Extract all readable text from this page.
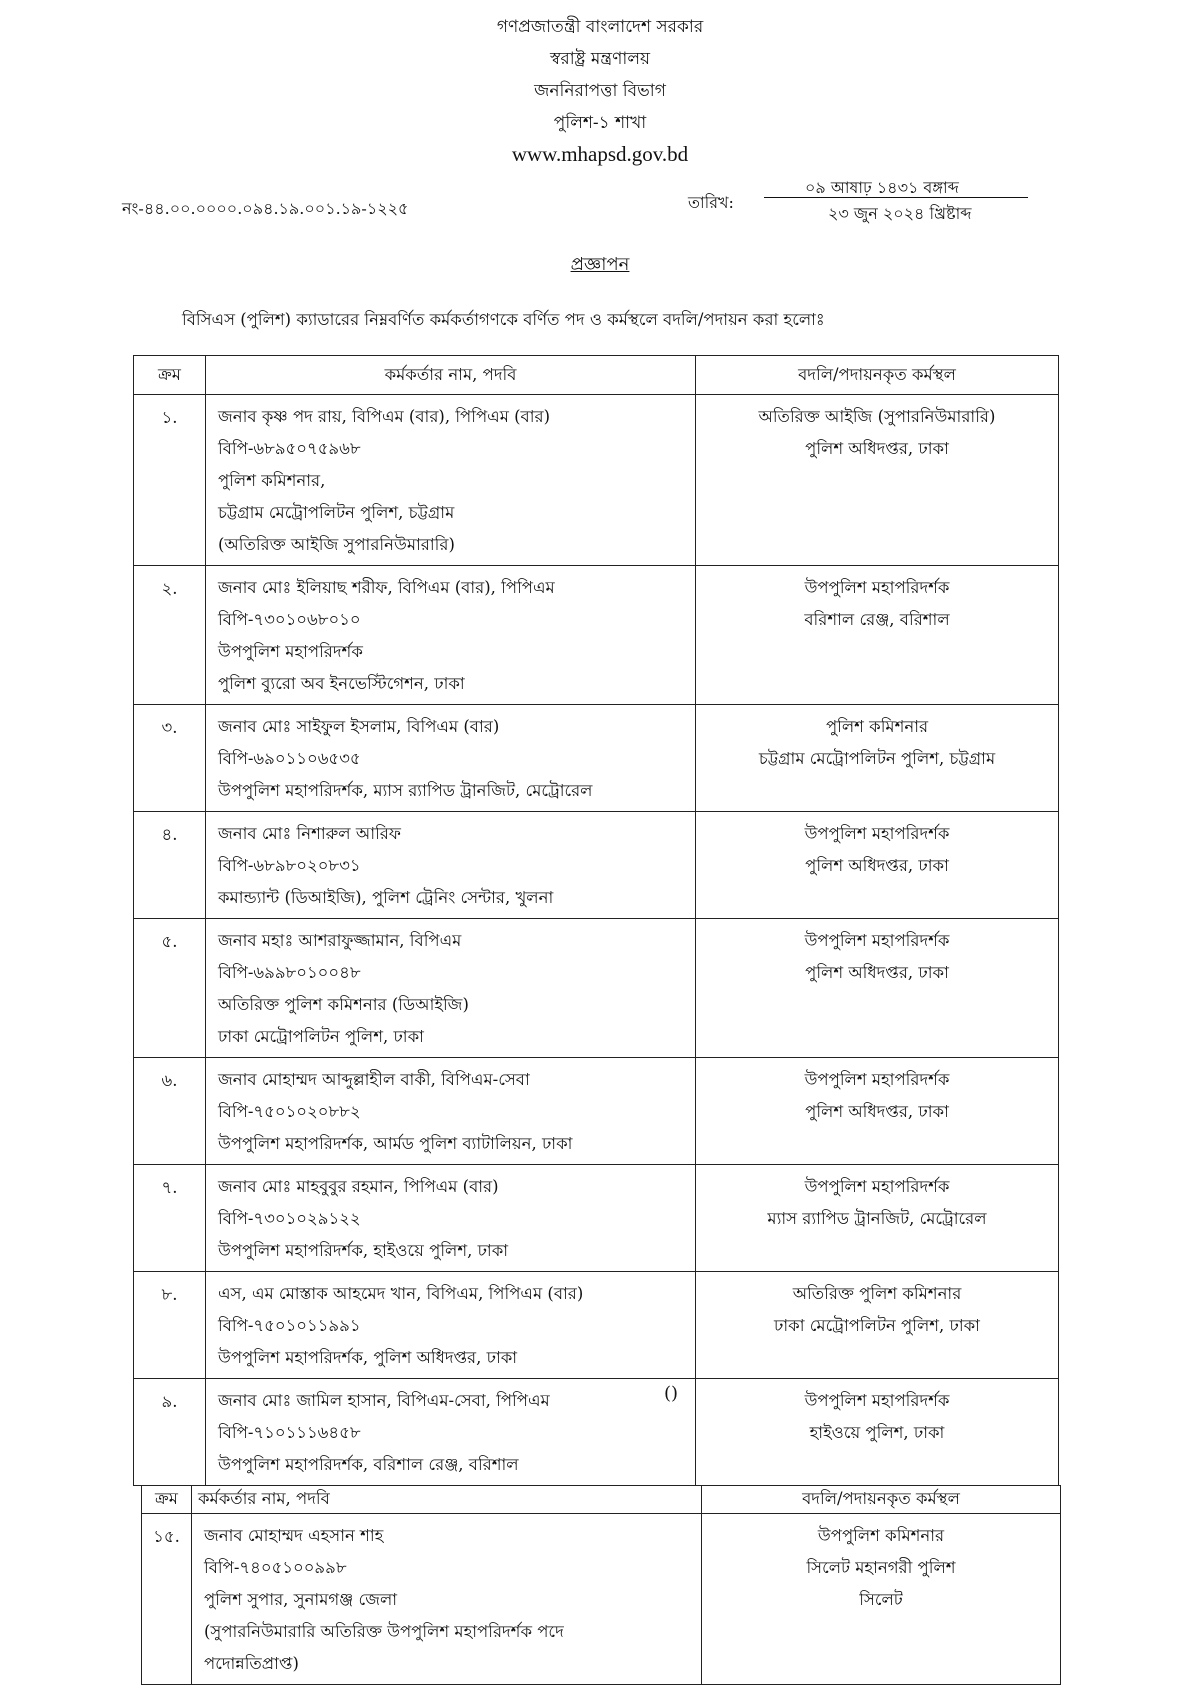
গণপ্রজাতন্ত্রী বাংলাদেশ সরকার
স্বরাষ্ট্র মন্ত্রণালয়
জননিরাপত্তা বিভাগ
পুলিশ-১ শাখা
www.mhapsd.gov.bd
নং-৪৪.০০.০০০০.০৯৪.১৯.০০১.১৯-১২২৫	তারিখ:
০৯ আষাঢ় ১৪৩১ বঙ্গাব্দ
২৩ জুন ২০২৪ খ্রিষ্টাব্দ
প্রজ্ঞাপন
বিসিএস (পুলিশ) ক্যাডারের নিম্নবর্ণিত কর্মকর্তাগণকে বর্ণিত পদ ও কর্মস্থলে বদলি/পদায়ন করা হলোঃ
ক্রম	কর্মকর্তার নাম, পদবি	বদলি/পদায়নকৃত কর্মস্থল
১.	জনাব কৃষ্ণ পদ রায়, বিপিএম (বার), পিপিএম (বার)
বিপি-৬৮৯৫০৭৫৯৬৮
পুলিশ কমিশনার,
চট্টগ্রাম মেট্রোপলিটন পুলিশ, চট্টগ্রাম
(অতিরিক্ত আইজি সুপারনিউমারারি)	অতিরিক্ত আইজি (সুপারনিউমারারি)
পুলিশ অধিদপ্তর, ঢাকা

২.	জনাব মোঃ ইলিয়াছ শরীফ, বিপিএম (বার), পিপিএম
বিপি-৭৩০১০৬৮০১০
উপপুলিশ মহাপরিদর্শক
পুলিশ ব্যুরো অব ইনভেস্টিগেশন, ঢাকা	উপপুলিশ মহাপরিদর্শক
বরিশাল রেঞ্জ, বরিশাল

৩.	জনাব মোঃ সাইফুল ইসলাম, বিপিএম (বার)
বিপি-৬৯০১১০৬৫৩৫
উপপুলিশ মহাপরিদর্শক, ম্যাস র‍্যাপিড ট্রানজিট, মেট্রোরেল	পুলিশ কমিশনার
চট্টগ্রাম মেট্রোপলিটন পুলিশ, চট্টগ্রাম

৪.	জনাব মোঃ নিশারুল আরিফ
বিপি-৬৮৯৮০২০৮৩১
কমান্ড্যান্ট (ডিআইজি), পুলিশ ট্রেনিং সেন্টার, খুলনা	উপপুলিশ মহাপরিদর্শক
পুলিশ অধিদপ্তর, ঢাকা

৫.	জনাব মহাঃ আশরাফুজ্জামান, বিপিএম
বিপি-৬৯৯৮০১০০৪৮
অতিরিক্ত পুলিশ কমিশনার (ডিআইজি)
ঢাকা মেট্রোপলিটন পুলিশ, ঢাকা	উপপুলিশ মহাপরিদর্শক
পুলিশ অধিদপ্তর, ঢাকা

৬.	জনাব মোহাম্মদ আব্দুল্লাহীল বাকী, বিপিএম-সেবা
বিপি-৭৫০১০২০৮৮২
উপপুলিশ মহাপরিদর্শক, আর্মড পুলিশ ব্যাটালিয়ন, ঢাকা	উপপুলিশ মহাপরিদর্শক
পুলিশ অধিদপ্তর, ঢাকা

৭.	জনাব মোঃ মাহবুবুর রহমান, পিপিএম (বার)
বিপি-৭৩০১০২৯১২২
উপপুলিশ মহাপরিদর্শক, হাইওয়ে পুলিশ, ঢাকা	উপপুলিশ মহাপরিদর্শক
ম্যাস র‍্যাপিড ট্রানজিট, মেট্রোরেল

৮.	এস, এম মোস্তাক আহমেদ খান, বিপিএম, পিপিএম (বার)
বিপি-৭৫০১০১১৯৯১
উপপুলিশ মহাপরিদর্শক, পুলিশ অধিদপ্তর, ঢাকা	অতিরিক্ত পুলিশ কমিশনার
ঢাকা মেট্রোপলিটন পুলিশ, ঢাকা

৯.	জনাব মোঃ জামিল হাসান, বিপিএম-সেবা, পিপিএম
বিপি-৭১০১১১৬৪৫৮
উপপুলিশ মহাপরিদর্শক, বরিশাল রেঞ্জ, বরিশাল	উপপুলিশ মহাপরিদর্শক
হাইওয়ে পুলিশ, ঢাকা
()
ক্রম	কর্মকর্তার নাম, পদবি	বদলি/পদায়নকৃত কর্মস্থল
১৫.	জনাব মোহাম্মদ এহসান শাহ
বিপি-৭৪০৫১০০৯৯৮
পুলিশ সুপার, সুনামগঞ্জ জেলা
(সুপারনিউমারারি অতিরিক্ত উপপুলিশ মহাপরিদর্শক পদে
পদোন্নতিপ্রাপ্ত)	উপপুলিশ কমিশনার
সিলেট মহানগরী পুলিশ
সিলেট
